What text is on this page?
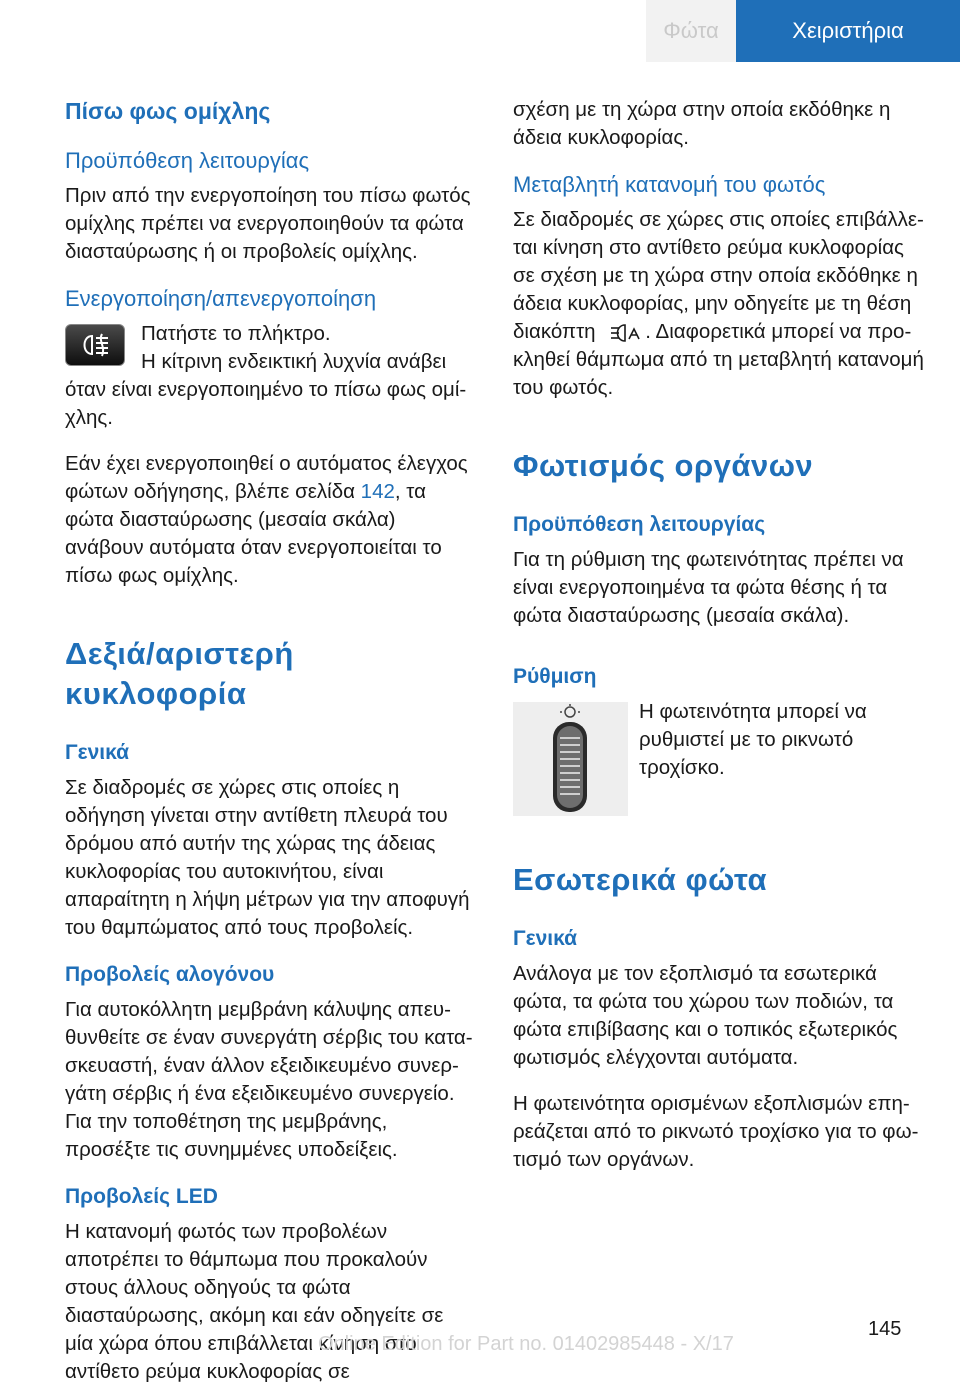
Φώτα	Χειριστήρια

Πίσω φως ομίχλης

Προϋπόθεση λειτουργίας

Πριν από την ενεργοποίηση του πίσω φωτός ομίχλης πρέπει να ενεργοποιηθούν τα φώτα διασταύρωσης ή οι προβολείς ομίχλης.

Ενεργοποίηση/απενεργοποίηση

Πατήστε το πλήκτρο.

Η κίτρινη ενδεικτική λυχνία ανάβει

όταν είναι ενεργοποιημένο το πίσω φως ομίχλης.

Εάν έχει ενεργοποιηθεί ο αυτόματος έλεγχος φώτων οδήγησης, βλέπε σελίδα 142, τα φώτα διασταύρωσης (μεσαία σκάλα) ανάβουν αυτόματα όταν ενεργοποιείται το πίσω φως ομίχλης.

Δεξιά/αριστερή κυκλοφορία

Γενικά

Σε διαδρομές σε χώρες στις οποίες η οδήγηση γίνεται στην αντίθετη πλευρά του δρόμου από αυτήν της χώρας της άδειας κυκλοφορίας του αυτοκινήτου, είναι απαραίτητη η λήψη μέτρων για την αποφυγή του θαμπώματος από τους προβολείς.

Προβολείς αλογόνου

Για αυτοκόλλητη μεμβράνη κάλυψης απευθυνθείτε σε έναν συνεργάτη σέρβις του κατασκευαστή, έναν άλλον εξειδικευμένο συνεργάτη σέρβις ή ένα εξειδικευμένο συνεργείο. Για την τοποθέτηση της μεμβράνης, προσέξτε τις συνημμένες υποδείξεις.

Προβολείς LED

Η κατανομή φωτός των προβολέων αποτρέπει το θάμπωμα που προκαλούν στους άλλους οδηγούς τα φώτα διασταύρωσης, ακόμη και εάν οδηγείτε σε μία χώρα όπου επιβάλλεται κίνηση στο αντίθετο ρεύμα κυκλοφορίας σε

σχέση με τη χώρα στην οποία εκδόθηκε η άδεια κυκλοφορίας.

Μεταβλητή κατανομή του φωτός

Σε διαδρομές σε χώρες στις οποίες επιβάλλεται κίνηση στο αντίθετο ρεύμα κυκλοφορίας σε σχέση με τη χώρα στην οποία εκδόθηκε η άδεια κυκλοφορίας, μην οδηγείτε με τη θέση διακόπτη . Διαφορετικά μπορεί να προκληθεί θάμπωμα από τη μεταβλητή κατανομή του φωτός.

Φωτισμός οργάνων

Προϋπόθεση λειτουργίας

Για τη ρύθμιση της φωτεινότητας πρέπει να είναι ενεργοποιημένα τα φώτα θέσης ή τα φώτα διασταύρωσης (μεσαία σκάλα).

Ρύθμιση

Η φωτεινότητα μπορεί να ρυθμιστεί με το ρικνωτό τροχίσκο.

Εσωτερικά φώτα

Γενικά

Ανάλογα με τον εξοπλισμό τα εσωτερικά φώτα, τα φώτα του χώρου των ποδιών, τα φώτα επιβίβασης και ο τοπικός εξωτερικός φωτισμός ελέγχονται αυτόματα.

Η φωτεινότητα ορισμένων εξοπλισμών επηρεάζεται από το ρικνωτό τροχίσκο για το φωτισμό των οργάνων.

145
Online Edition for Part no. 01402985448 - X/17
